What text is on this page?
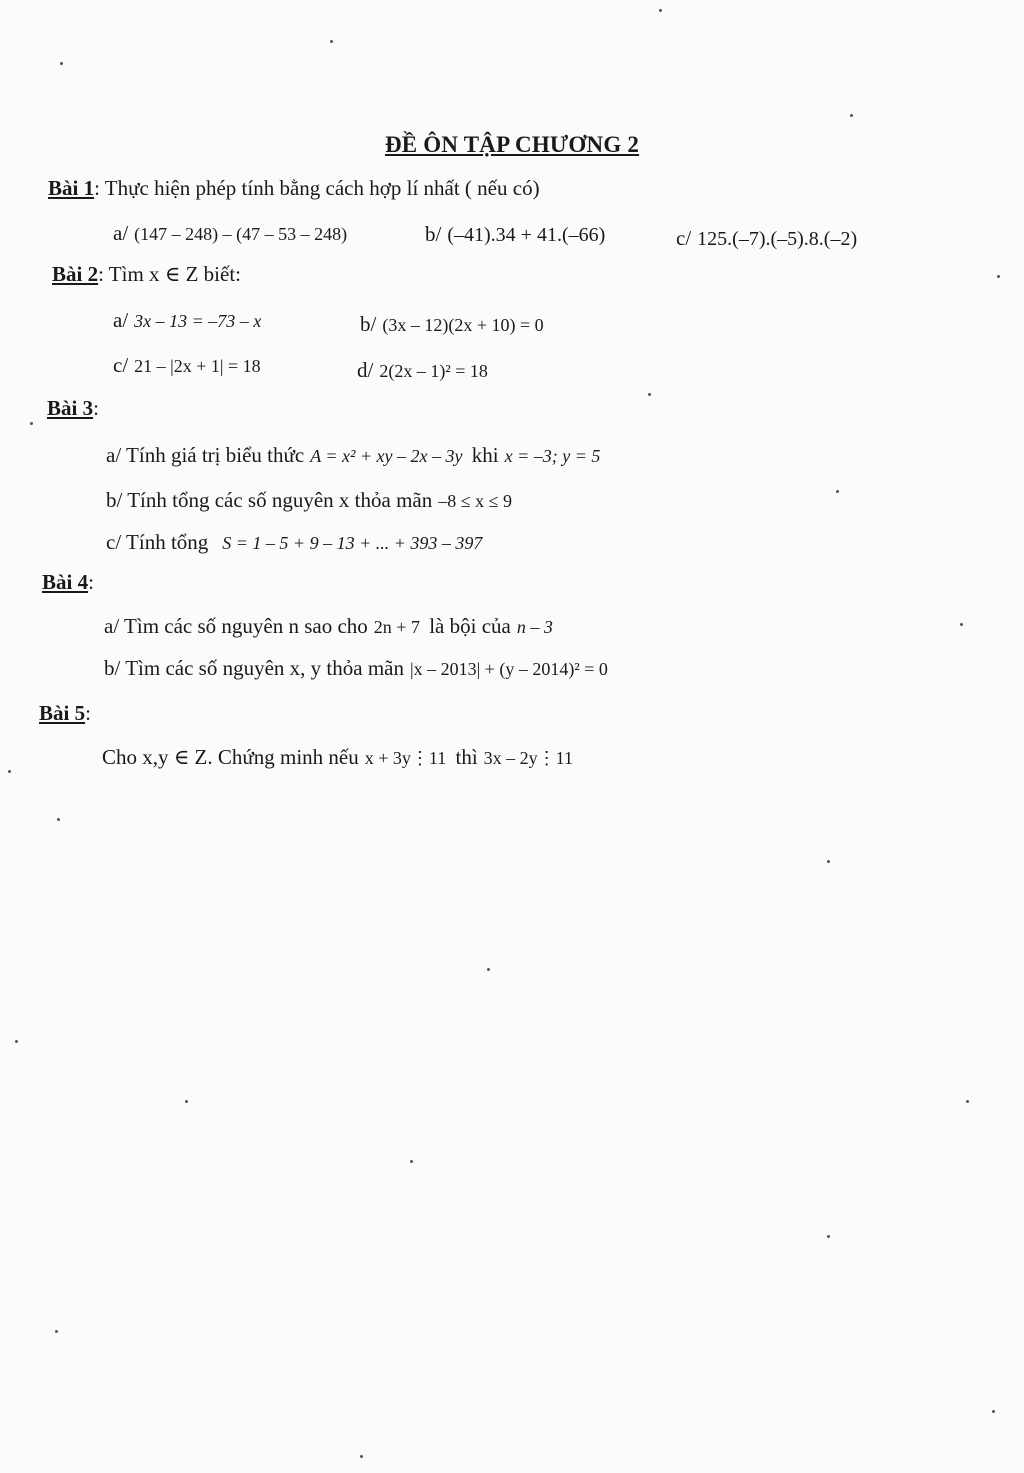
ĐỀ ÔN TẬP CHƯƠNG 2
Bài 1: Thực hiện phép tính bằng cách hợp lí nhất ( nếu có)
a/ (147 – 248) – (47 – 53 – 248)	b/ (–41).34 + 41.(–66)	c/ 125.(–7).(–5).8.(–2)
Bài 2: Tìm x ∈ Z biết:
a/ 3x – 13 = –73 – x	b/ (3x – 12)(2x + 10) = 0
c/ 21 – |2x + 1| = 18	d/ 2(2x – 1)² = 18
Bài 3:
a/ Tính giá trị biểu thức A = x² + xy – 2x – 3y khi x = –3; y = 5
b/ Tính tổng các số nguyên x thỏa mãn –8 ≤ x ≤ 9
c/ Tính tổng S = 1 – 5 + 9 – 13 + ... + 393 – 397
Bài 4:
a/ Tìm các số nguyên n sao cho 2n + 7 là bội của n – 3
b/ Tìm các số nguyên x, y thỏa mãn |x – 2013| + (y – 2014)² = 0
Bài 5:
Cho x,y ∈ Z. Chứng minh nếu x + 3y⋮11 thì 3x – 2y⋮11
